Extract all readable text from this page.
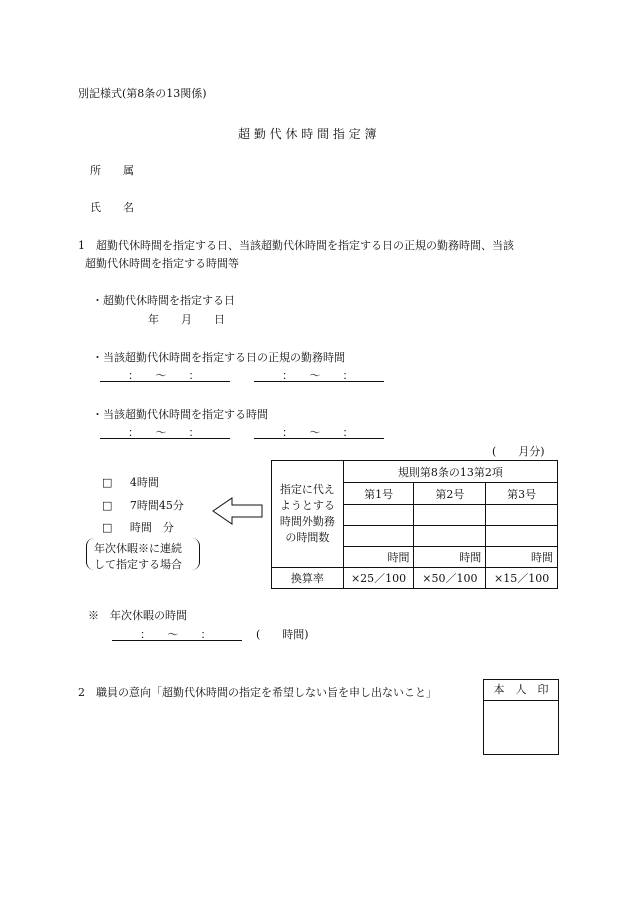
別記様式(第8条の13関係)
超 勤 代 休 時 間 指 定 簿
所　　属
氏　　名
1　超勤代休時間を指定する日、当該超勤代休時間を指定する日の正規の勤務時間、当該
超勤代休時間を指定する時間等
・超勤代休時間を指定する日
年　　月　　日
・当該超勤代休時間を指定する日の正規の勤務時間
：　　〜　　：	：　　〜　　：
・当該超勤代休時間を指定する時間
：　　〜　　：	：　　〜　　：
(　　月分)
□ 4時間
□ 7時間45分
□ 時間　分
年次休暇※に連続
して指定する場合
指定に代え
ようとする
時間外勤務
の時間数	規則第8条の13第2項		
	第1号	第2号	第3号

	時間	時間	時間
換算率	×25／100	×50／100	×15／100
※　年次休暇の時間
：　　〜　　：	(　　時間)
2　職員の意向「超勤代休時間の指定を希望しない旨を申し出ないこと」	本　人　印
